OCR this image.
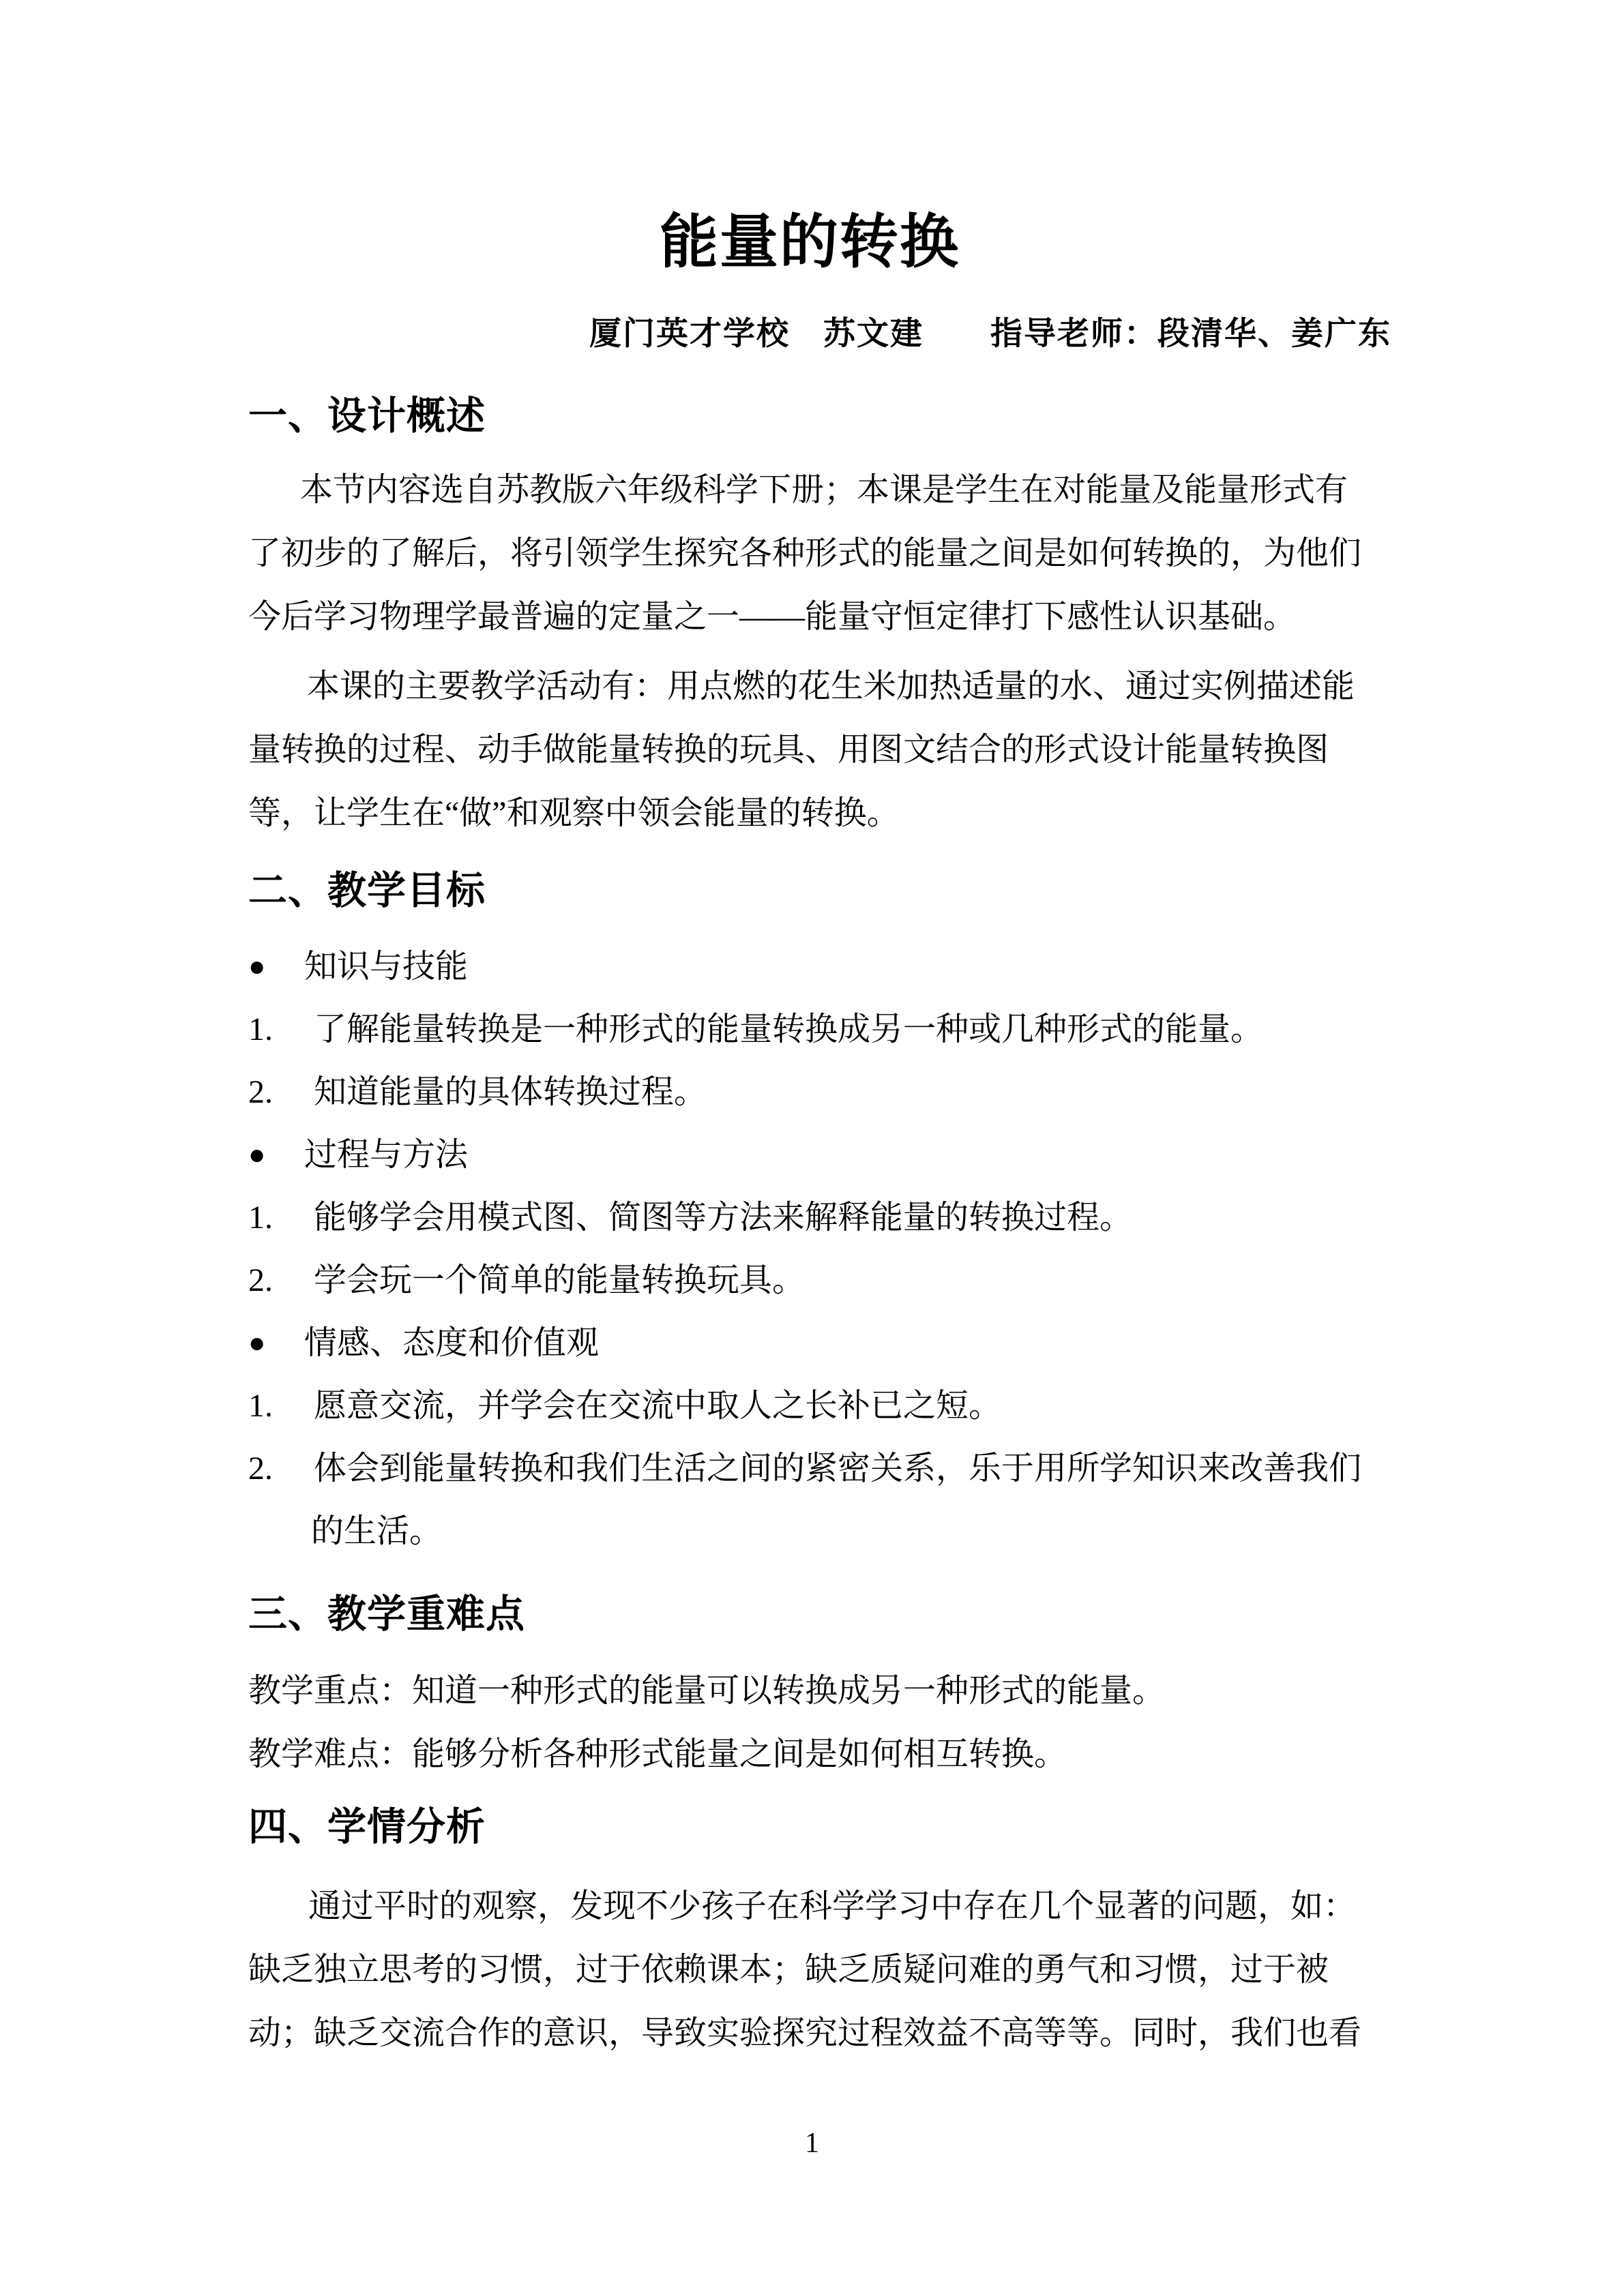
能量的转换
厦门英才学校　苏文建　　指导老师：段清华、姜广东
一、设计概述
本节内容选自苏教版六年级科学下册；本课是学生在对能量及能量形式有
了初步的了解后，将引领学生探究各种形式的能量之间是如何转换的，为他们
今后学习物理学最普遍的定量之一——能量守恒定律打下感性认识基础。
本课的主要教学活动有：用点燃的花生米加热适量的水、通过实例描述能
量转换的过程、动手做能量转换的玩具、用图文结合的形式设计能量转换图
等，让学生在“做”和观察中领会能量的转换。
二、教学目标
● 知识与技能
1. 了解能量转换是一种形式的能量转换成另一种或几种形式的能量。
2. 知道能量的具体转换过程。
● 过程与方法
1. 能够学会用模式图、简图等方法来解释能量的转换过程。
2. 学会玩一个简单的能量转换玩具。
● 情感、态度和价值观
1. 愿意交流，并学会在交流中取人之长补已之短。
2. 体会到能量转换和我们生活之间的紧密关系，乐于用所学知识来改善我们
的生活。
三、教学重难点
教学重点：知道一种形式的能量可以转换成另一种形式的能量。
教学难点：能够分析各种形式能量之间是如何相互转换。
四、学情分析
通过平时的观察，发现不少孩子在科学学习中存在几个显著的问题，如：
缺乏独立思考的习惯，过于依赖课本；缺乏质疑问难的勇气和习惯，过于被
动；缺乏交流合作的意识，导致实验探究过程效益不高等等。同时，我们也看
1
